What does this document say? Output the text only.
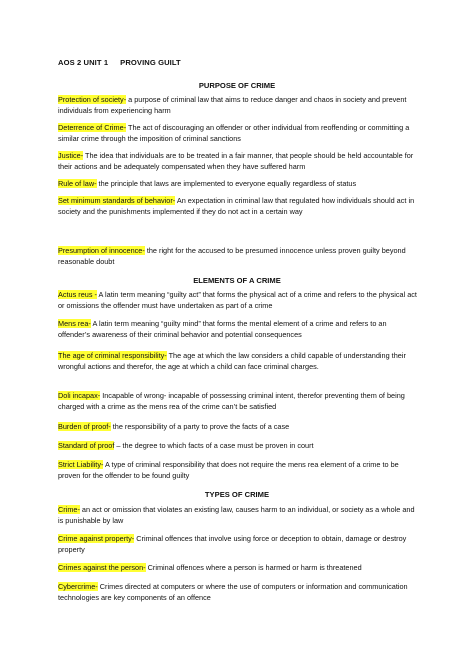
AOS 2 UNIT 1 PROVING GUILT
PURPOSE OF CRIME
Protection of society- a purpose of criminal law that aims to reduce danger and chaos in society and prevent individuals from experiencing harm
Deterrence of Crime- The act of discouraging an offender or other individual from reoffending or committing a similar crime through the imposition of criminal sanctions
Justice- The idea that individuals are to be treated in a fair manner, that people should be held accountable for their actions and be adequately compensated when they have suffered harm
Rule of law- the principle that laws are implemented to everyone equally regardless of status
Set minimum standards of behavior- An expectation in criminal law that regulated how individuals should act in society and the punishments implemented if they do not act in a certain way
Presumption of innocence- the right for the accused to be presumed innocence unless proven guilty beyond reasonable doubt
ELEMENTS OF A CRIME
Actus reus - A latin term meaning “guilty act” that forms the physical act of a crime and refers to the physical act or omissions the offender must have undertaken as part of a crime
Mens rea- A latin term meaning “guilty mind” that forms the mental element of a crime and refers to an offender’s awareness of their criminal behavior and potential consequences
The age of criminal responsibility- The age at which the law considers a child capable of understanding their wrongful actions and therefor, the age at which a child can face criminal charges.
Doli incapax- Incapable of wrong- incapable of possessing criminal intent, therefor preventing them of being charged with a crime as the mens rea of the crime can’t be satisfied
Burden of proof- the responsibility of a party to prove the facts of a case
Standard of proof – the degree to which facts of a case must be proven in court
Strict Liability- A type of criminal responsibility that does not require the mens rea element of a crime to be proven for the offender to be found guilty
TYPES OF CRIME
Crime- an act or omission that violates an existing law, causes harm to an individual, or society as a whole and is punishable by law
Crime against property- Criminal offences that involve using force or deception to obtain, damage or destroy property
Crimes against the person- Criminal offences where a person is harmed or harm is threatened
Cybercrime- Crimes directed at computers or where the use of computers or information and communication technologies are key components of an offence
